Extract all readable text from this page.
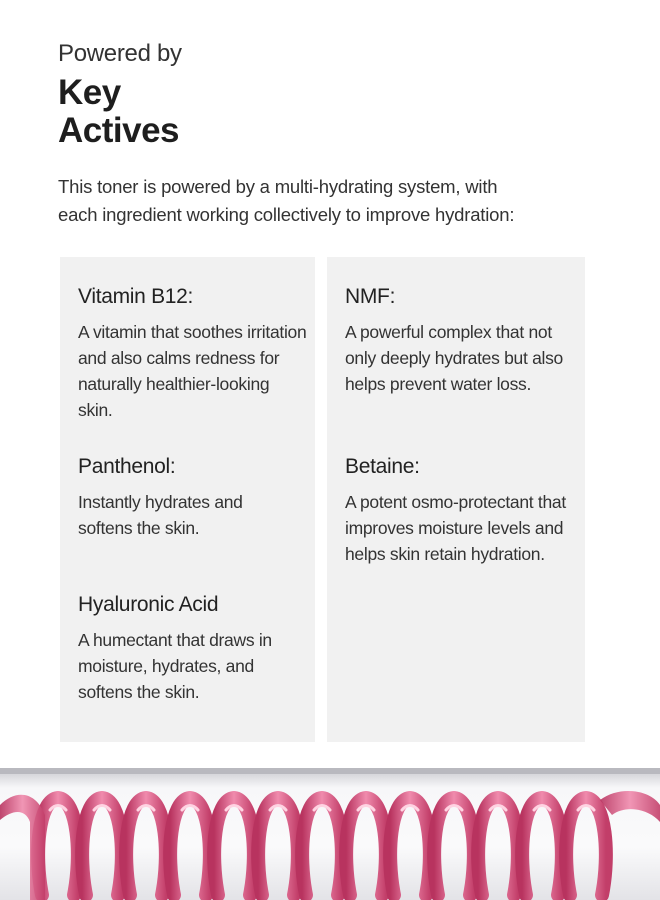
Powered by
Key
Actives
This toner is powered by a multi-hydrating system, with each ingredient working collectively to improve hydration:
Vitamin B12:
A vitamin that soothes irritation and also calms redness for naturally healthier-looking skin.
Panthenol:
Instantly hydrates and softens the skin.
Hyaluronic Acid
A humectant that draws in moisture, hydrates, and softens the skin.
NMF:
A powerful complex that not only deeply hydrates but also helps prevent water loss.
Betaine:
A potent osmo-protectant that improves moisture levels and helps skin retain hydration.
